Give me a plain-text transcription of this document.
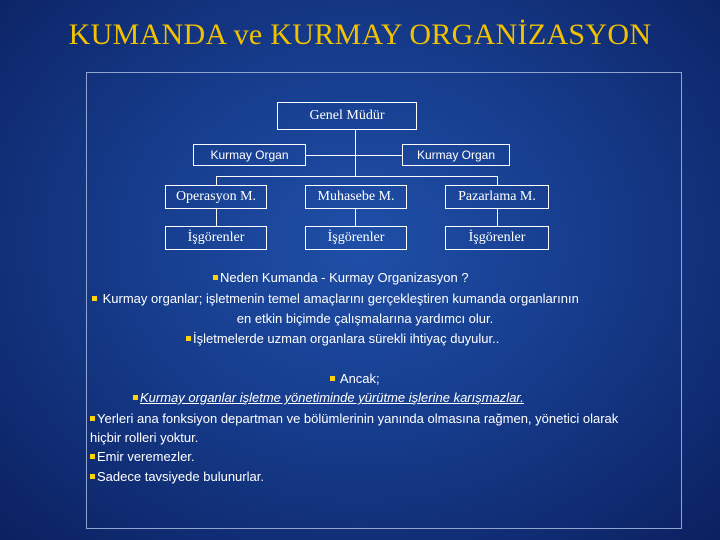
KUMANDA ve KURMAY ORGANİZASYON
Genel Müdür
Kurmay Organ	Kurmay Organ
Operasyon M.	Muhasebe M.	Pazarlama M.
İşgörenler	İşgörenler	İşgörenler
Neden Kumanda - Kurmay Organizasyon ?
Kurmay organlar; işletmenin temel amaçlarını gerçekleştiren kumanda organlarının
en etkin biçimde çalışmalarına yardımcı olur.
İşletmelerde uzman organlara sürekli ihtiyaç duyulur..
Ancak;
Kurmay organlar işletme yönetiminde yürütme işlerine karışmazlar.
Yerleri ana fonksiyon departman ve bölümlerinin yanında olmasına rağmen, yönetici olarak
hiçbir rolleri yoktur.
Emir veremezler.
Sadece tavsiyede bulunurlar.
